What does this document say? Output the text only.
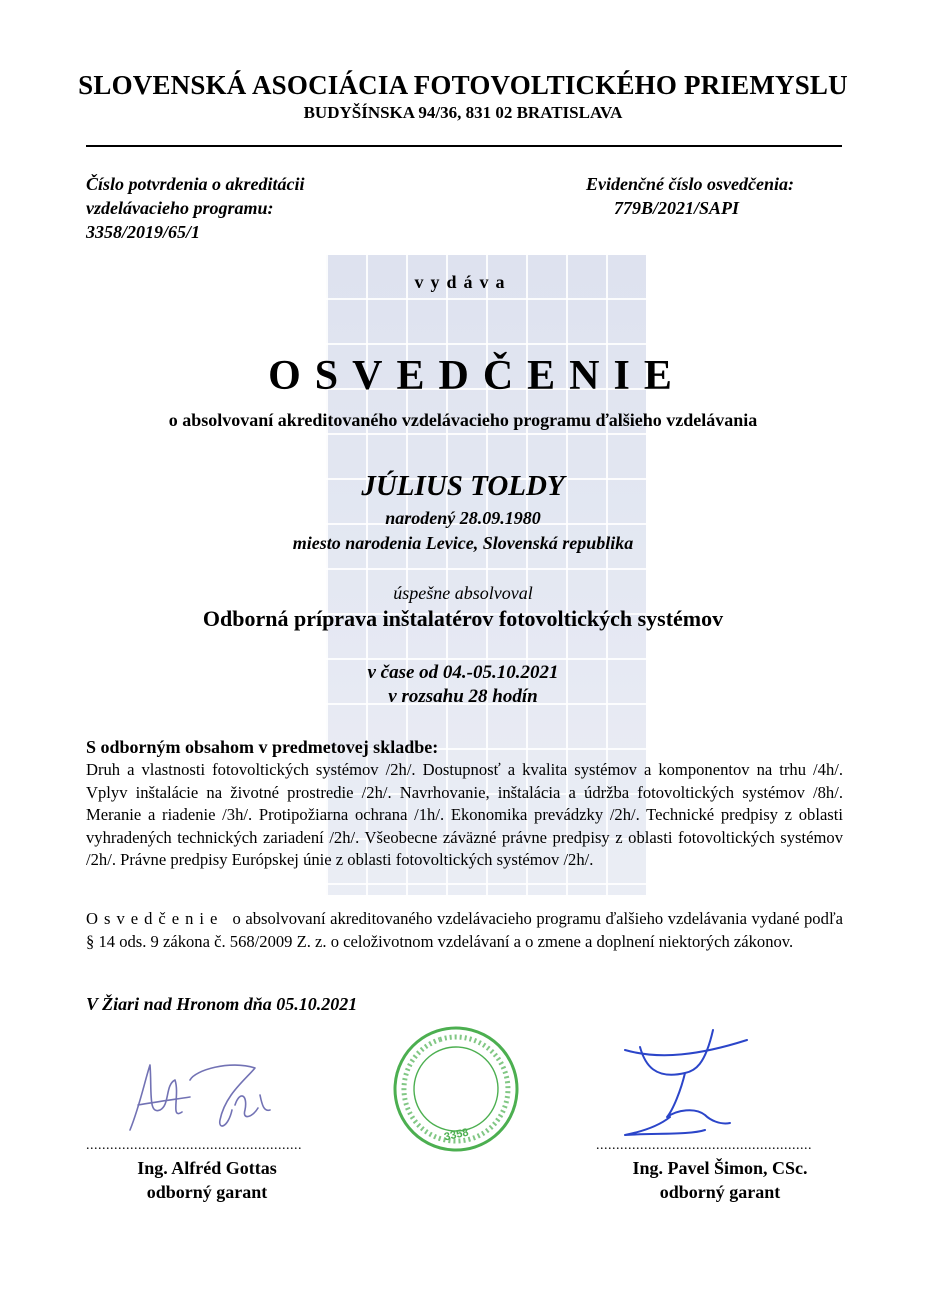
SLOVENSKÁ ASOCIÁCIA FOTOVOLTICKÉHO PRIEMYSLU
BUDYŠÍNSKA 94/36, 831 02 BRATISLAVA
Číslo potvrdenia o akreditácii
vzdelávacieho programu:
3358/2019/65/1
Evidenčné číslo osvedčenia:
779B/2021/SAPI
vydáva
OSVEDČENIE
o absolvovaní akreditovaného vzdelávacieho programu ďalšieho vzdelávania
JÚLIUS TOLDY
narodený 28.09.1980
miesto narodenia Levice, Slovenská republika
úspešne absolvoval
Odborná príprava inštalatérov fotovoltických systémov
v čase od 04.-05.10.2021
v rozsahu 28 hodín
S odborným obsahom v predmetovej skladbe:
Druh a vlastnosti fotovoltických systémov /2h/. Dostupnosť a kvalita systémov a komponentov na trhu /4h/. Vplyv inštalácie na životné prostredie /2h/. Navrhovanie, inštalácia a údržba fotovoltických systémov /8h/. Meranie a riadenie /3h/. Protipožiarna ochrana /1h/. Ekonomika prevádzky /2h/. Technické predpisy z oblasti vyhradených technických zariadení /2h/. Všeobecne záväzné právne predpisy z oblasti fotovoltických systémov /2h/. Právne predpisy Európskej únie z oblasti fotovoltických systémov /2h/.
Osvedčenie o absolvovaní akreditovaného vzdelávacieho programu ďalšieho vzdelávania vydané podľa § 14 ods. 9 zákona č. 568/2009 Z. z. o celoživotnom vzdelávaní a o zmene a doplnení niektorých zákonov.
V Žiari nad Hronom dňa 05.10.2021
......................................................
Ing. Alfréd Gottas
odborný garant
3358
......................................................
Ing. Pavel Šimon, CSc.
odborný garant
